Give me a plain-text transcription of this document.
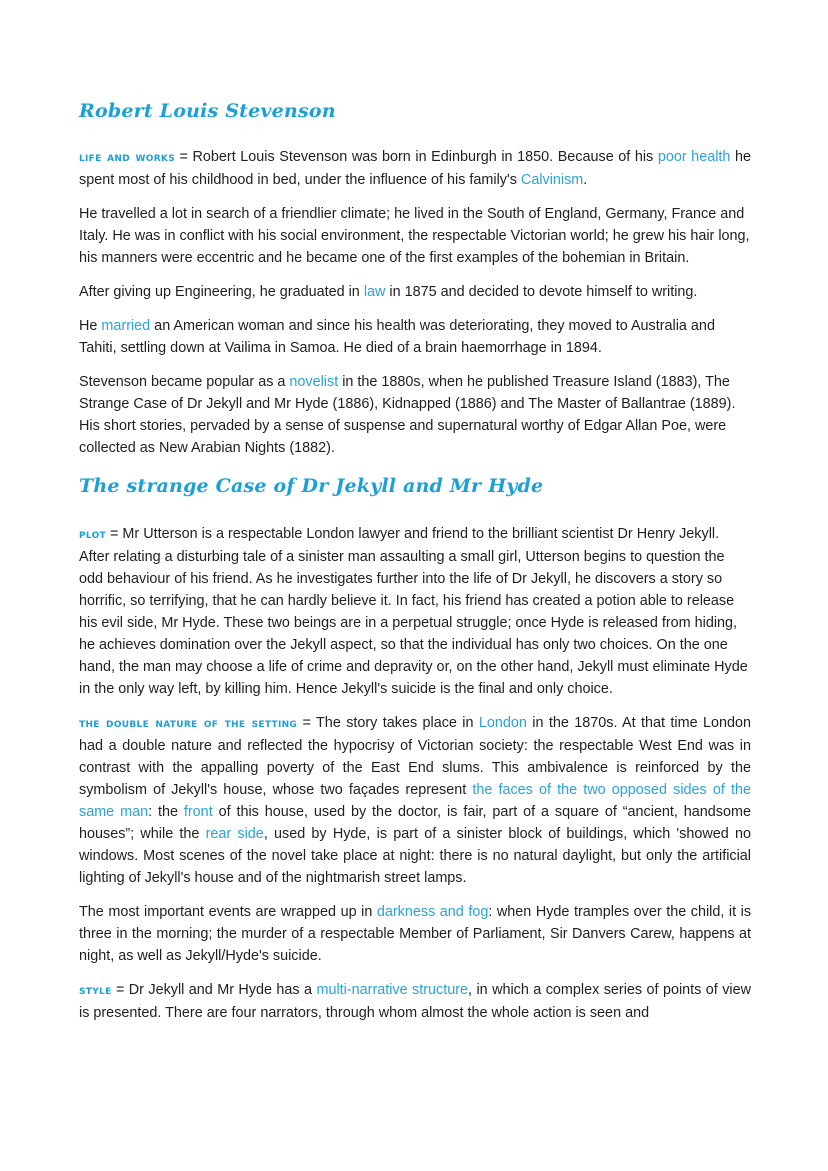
Robert Louis Stevenson

life and works = Robert Louis Stevenson was born in Edinburgh in 1850. Because of his poor health he spent most of his childhood in bed, under the influence of his family's Calvinism.

He travelled a lot in search of a friendlier climate; he lived in the South of England, Germany, France and Italy. He was in conflict with his social environment, the respectable Victorian world; he grew his hair long, his manners were eccentric and he became one of the first examples of the bohemian in Britain.

After giving up Engineering, he graduated in law in 1875 and decided to devote himself to writing.

He married an American woman and since his health was deteriorating, they moved to Australia and Tahiti, settling down at Vailima in Samoa. He died of a brain haemorrhage in 1894.

Stevenson became popular as a novelist in the 1880s, when he published Treasure Island (1883), The Strange Case of Dr Jekyll and Mr Hyde (1886), Kidnapped (1886) and The Master of Ballantrae (1889). His short stories, pervaded by a sense of suspense and supernatural worthy of Edgar Allan Poe, were collected as New Arabian Nights (1882).

The strange Case of Dr Jekyll and Mr Hyde

plot = Mr Utterson is a respectable London lawyer and friend to the brilliant scientist Dr Henry Jekyll. After relating a disturbing tale of a sinister man assaulting a small girl, Utterson begins to question the odd behaviour of his friend. As he investigates further into the life of Dr Jekyll, he discovers a story so horrific, so terrifying, that he can hardly believe it. In fact, his friend has created a potion able to release his evil side, Mr Hyde. These two beings are in a perpetual struggle; once Hyde is released from hiding, he achieves domination over the Jekyll aspect, so that the individual has only two choices. On the one hand, the man may choose a life of crime and depravity or, on the other hand, Jekyll must eliminate Hyde in the only way left, by killing him. Hence Jekyll's suicide is the final and only choice.

the double nature of the setting = The story takes place in London in the 1870s. At that time London had a double nature and reflected the hypocrisy of Victorian society: the respectable West End was in contrast with the appalling poverty of the East End slums. This ambivalence is reinforced by the symbolism of Jekyll's house, whose two façades represent the faces of the two opposed sides of the same man: the front of this house, used by the doctor, is fair, part of a square of “ancient, handsome houses”; while the rear side, used by Hyde, is part of a sinister block of buildings, which 'showed no windows. Most scenes of the novel take place at night: there is no natural daylight, but only the artificial lighting of Jekyll's house and of the nightmarish street lamps.

The most important events are wrapped up in darkness and fog: when Hyde tramples over the child, it is three in the morning; the murder of a respectable Member of Parliament, Sir Danvers Carew, happens at night, as well as Jekyll/Hyde's suicide.

style = Dr Jekyll and Mr Hyde has a multi-narrative structure, in which a complex series of points of view is presented. There are four narrators, through whom almost the whole action is seen and
